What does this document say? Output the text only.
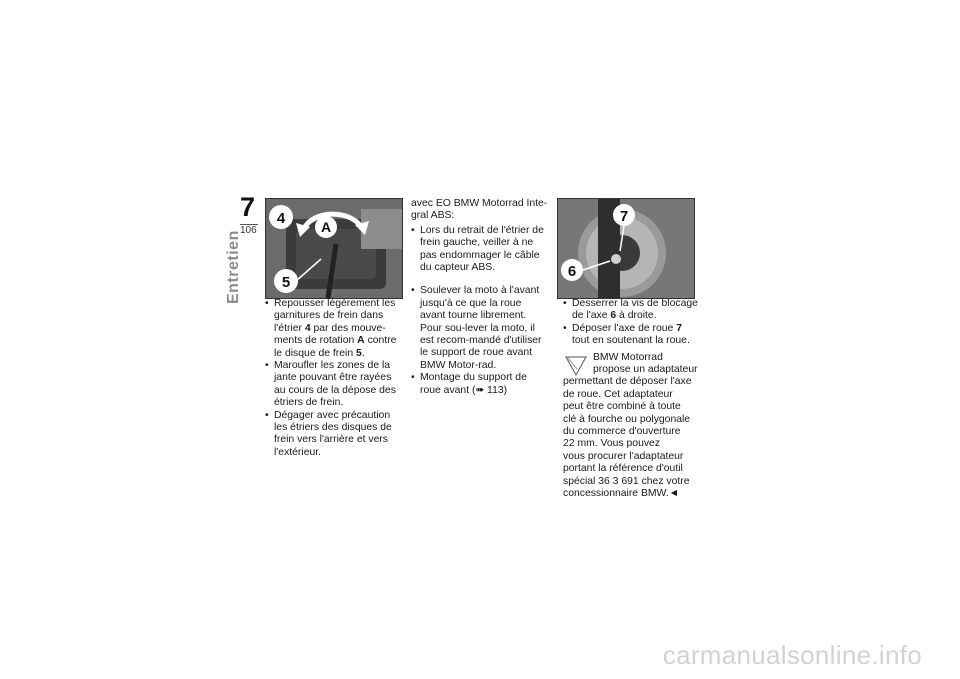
7
106
Entretien
4	A
5
7
6
• Repousser légèrement les garnitures de frein dans l'étrier 4 par des mouve-ments de rotation A contre le disque de frein 5.
• Maroufler les zones de la jante pouvant être rayées au cours de la dépose des étriers de frein.
• Dégager avec précaution les étriers des disques de frein vers l'arrière et vers l'extérieur.
avec EO BMW Motorrad Inte-gral ABS:
• Lors du retrait de l'étrier de frein gauche, veiller à ne pas endommager le câble du capteur ABS.
• Soulever la moto à l'avant jusqu'à ce que la roue avant tourne librement. Pour sou-lever la moto, il est recom-mandé d'utiliser le support de roue avant BMW Motor-rad.
• Montage du support de roue avant (➠ 113)
• Desserrer la vis de blocage de l'axe 6 à droite.
• Déposer l'axe de roue 7 tout en soutenant la roue.
BMW Motorrad propose un adaptateur
permettant de déposer l'axe
de roue. Cet adaptateur
peut être combiné à toute
clé à fourche ou polygonale
du commerce d'ouverture
22 mm. Vous pouvez
vous procurer l'adaptateur
portant la référence d'outil
spécial 36 3 691 chez votre
concessionnaire BMW.◄
carmanualsonline.info
